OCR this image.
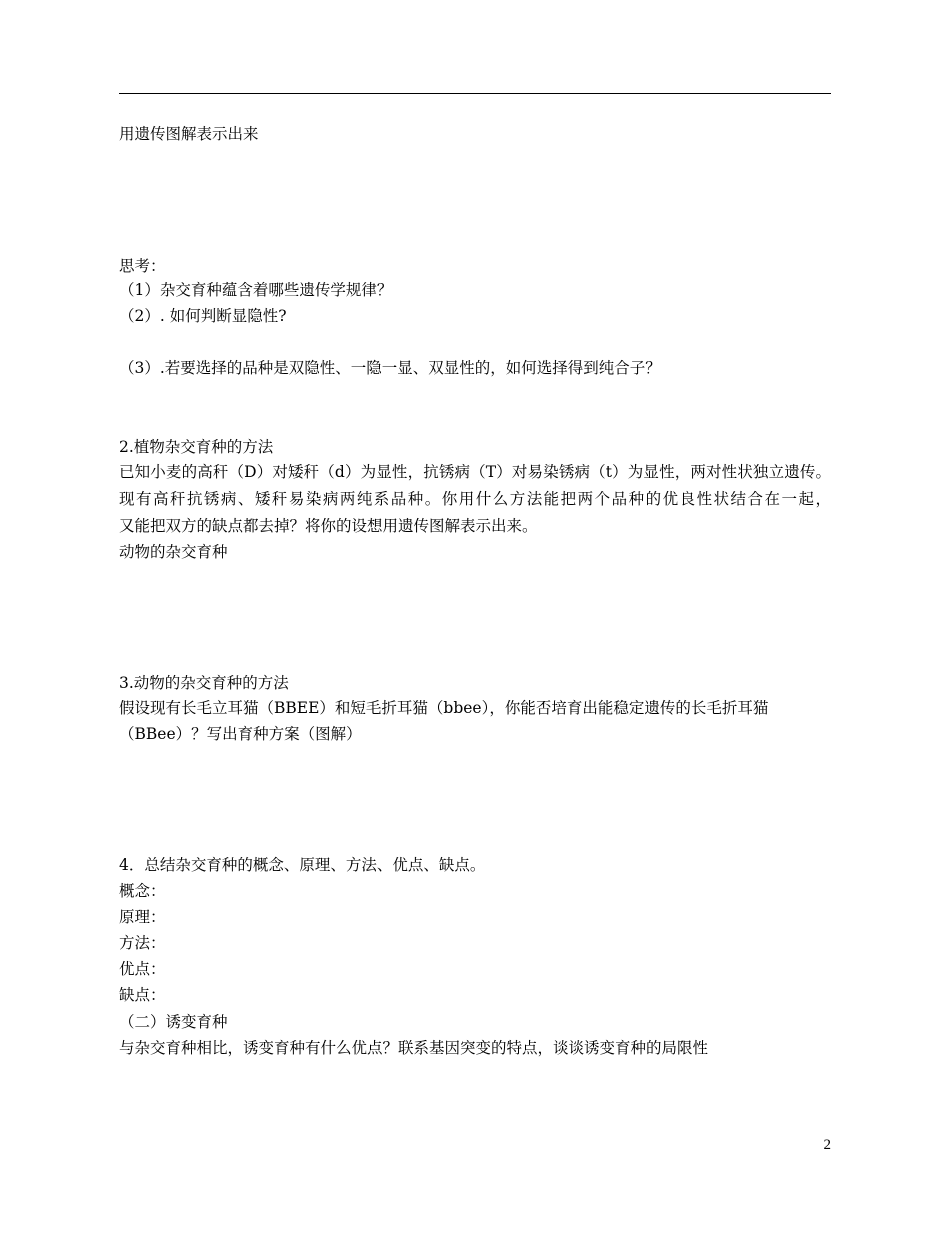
用遗传图解表示出来
思考：
（1）杂交育种蕴含着哪些遗传学规律？
（2）. 如何判断显隐性?
（3）.若要选择的品种是双隐性、一隐一显、双显性的，如何选择得到纯合子？
2.植物杂交育种的方法
已知小麦的高秆（D）对矮秆（d）为显性，抗锈病（T）对易染锈病（t）为显性，两对性状独立遗传。
现有高秆抗锈病、矮秆易染病两纯系品种。你用什么方法能把两个品种的优良性状结合在一起，
又能把双方的缺点都去掉？将你的设想用遗传图解表示出来。
动物的杂交育种
3.动物的杂交育种的方法
假设现有长毛立耳猫（BBEE）和短毛折耳猫（bbee），你能否培育出能稳定遗传的长毛折耳猫
（BBee）？写出育种方案（图解）
4．总结杂交育种的概念、原理、方法、优点、缺点。
概念：
原理：
方法：
优点：
缺点：
（二）诱变育种
与杂交育种相比，诱变育种有什么优点？联系基因突变的特点，谈谈诱变育种的局限性
2
